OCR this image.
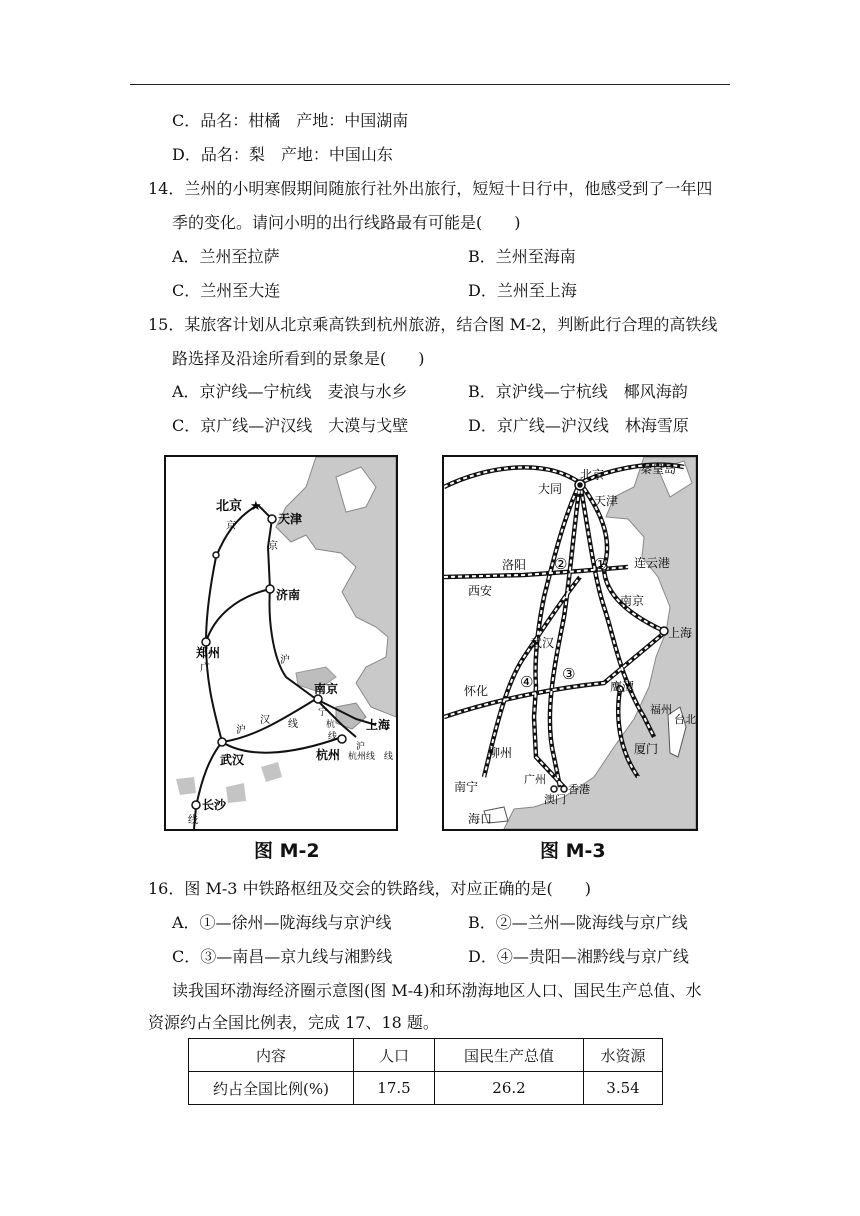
C．品名：柑橘　产地：中国湖南
D．品名：梨　产地：中国山东
14．兰州的小明寒假期间随旅行社外出旅行，短短十日行中，他感受到了一年四
季的变化。请问小明的出行线路最有可能是(　　)
A．兰州至拉萨	B．兰州至海南
C．兰州至大连	D．兰州至上海
15．某旅客计划从北京乘高铁到杭州旅游，结合图 M-2，判断此行合理的高铁线
路选择及沿途所看到的景象是(　　)
A．京沪线—宁杭线　麦浪与水乡	B．京沪线—宁杭线　椰风海韵
C．京广线—沪汉线　大漠与戈壁	D．京广线—沪汉线　林海雪原
北京 ★
天津
济南
郑州
南京
上海
杭州
武汉
长沙
京
京
广
线
沪
线
沪
汉
宁
杭
线
沪
杭州线 线
图 M-2
北京	秦皇岛
大同
天津
洛阳
西安
连云港
南京
上海
武汉
怀化	鹰潭
福州
台北
厦门
柳州
广州
香港
澳门
南宁
海口
①
②
③
④
图 M-3
16．图 M-3 中铁路枢纽及交会的铁路线，对应正确的是(　　)
A．①—徐州—陇海线与京沪线	B．②—兰州—陇海线与京广线
C．③—南昌—京九线与湘黔线	D．④—贵阳—湘黔线与京广线
读我国环渤海经济圈示意图(图 M-4)和环渤海地区人口、国民生产总值、水
资源约占全国比例表，完成 17、18 题。
内容	人口	国民生产总值	水资源
约占全国比例(%)	17.5	26.2	3.54
